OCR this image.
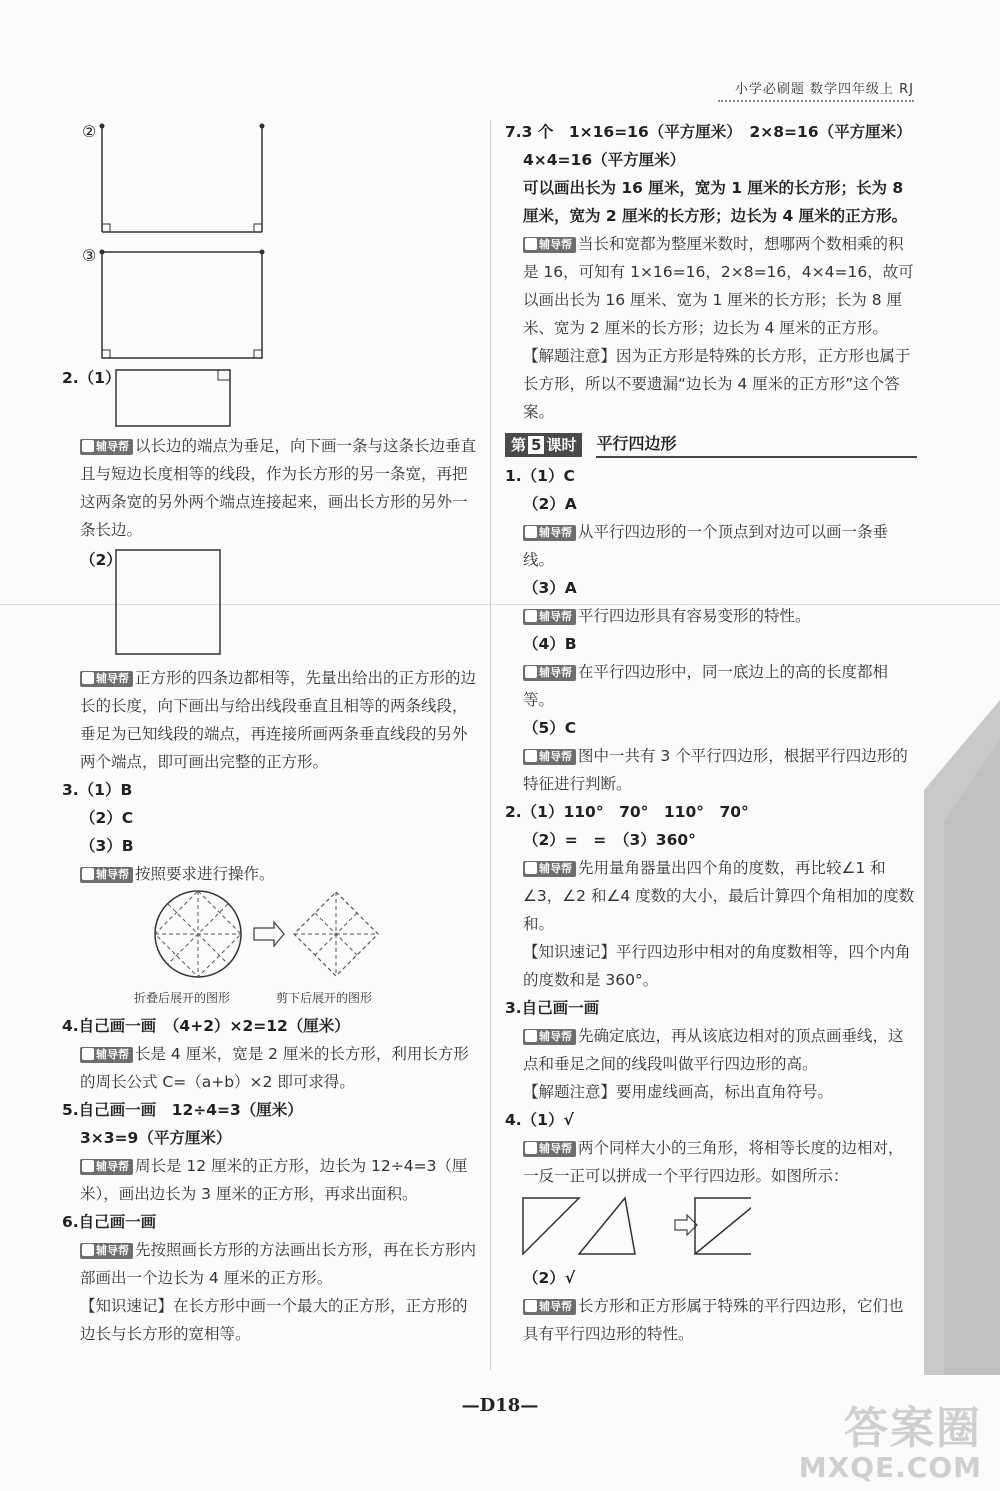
小学必刷题 数学四年级上 RJ
②
③
2.（1）

辅导帮 以长边的端点为垂足，向下画一条与这条长边垂直且与短边长度相等的线段，作为长方形的另一条宽，再把这两条宽的另外两个端点连接起来，画出长方形的另外一条长边。

（2）

辅导帮 正方形的四条边都相等，先量出给出的正方形的边长的长度，向下画出与给出线段垂直且相等的两条线段，垂足为已知线段的端点，再连接所画两条垂直线段的另外两个端点，即可画出完整的正方形。

3.（1）B

（2）C

（3）B

辅导帮 按照要求进行操作。

折叠后展开的图形	剪下后展开的图形

4.自己画一画　（4+2）×2=12（厘米）

辅导帮 长是 4 厘米，宽是 2 厘米的长方形，利用长方形的周长公式 C=（a+b）×2 即可求得。

5.自己画一画　12÷4=3（厘米）

3×3=9（平方厘米）

辅导帮 周长是 12 厘米的正方形，边长为 12÷4=3（厘米），画出边长为 3 厘米的正方形，再求出面积。

6.自己画一画

辅导帮 先按照画长方形的方法画出长方形，再在长方形内部画出一个边长为 4 厘米的正方形。

【知识速记】在长方形中画一个最大的正方形，正方形的边长与长方形的宽相等。

7.3 个　1×16=16（平方厘米）　2×8=16（平方厘米）

4×4=16（平方厘米）

可以画出长为 16 厘米，宽为 1 厘米的长方形；长为 8 厘米，宽为 2 厘米的长方形；边长为 4 厘米的正方形。

辅导帮 当长和宽都为整厘米数时，想哪两个数相乘的积是 16，可知有 1×16=16，2×8=16，4×4=16，故可以画出长为 16 厘米、宽为 1 厘米的长方形；长为 8 厘米、宽为 2 厘米的长方形；边长为 4 厘米的正方形。

【解题注意】因为正方形是特殊的长方形，正方形也属于长方形，所以不要遗漏“边长为 4 厘米的正方形”这个答案。

第 5 课时	平行四边形

1.（1）C

（2）A

辅导帮 从平行四边形的一个顶点到对边可以画一条垂线。

（3）A

辅导帮 平行四边形具有容易变形的特性。

（4）B

辅导帮 在平行四边形中，同一底边上的高的长度都相等。

（5）C

辅导帮 图中一共有 3 个平行四边形，根据平行四边形的特征进行判断。

2.（1）110°　70°　110°　70°

（2）=　=　（3）360°

辅导帮 先用量角器量出四个角的度数，再比较∠1 和∠3，∠2 和∠4 度数的大小，最后计算四个角相加的度数和。

【知识速记】平行四边形中相对的角度数相等，四个内角的度数和是 360°。

3.自己画一画

辅导帮 先确定底边，再从该底边相对的顶点画垂线，这点和垂足之间的线段叫做平行四边形的高。

【解题注意】要用虚线画高，标出直角符号。

4.（1）√

辅导帮 两个同样大小的三角形，将相等长度的边相对，一反一正可以拼成一个平行四边形。如图所示：

（2）√

辅导帮 长方形和正方形属于特殊的平行四边形，它们也具有平行四边形的特性。

—D18—	答案圈
MXQE.COM
